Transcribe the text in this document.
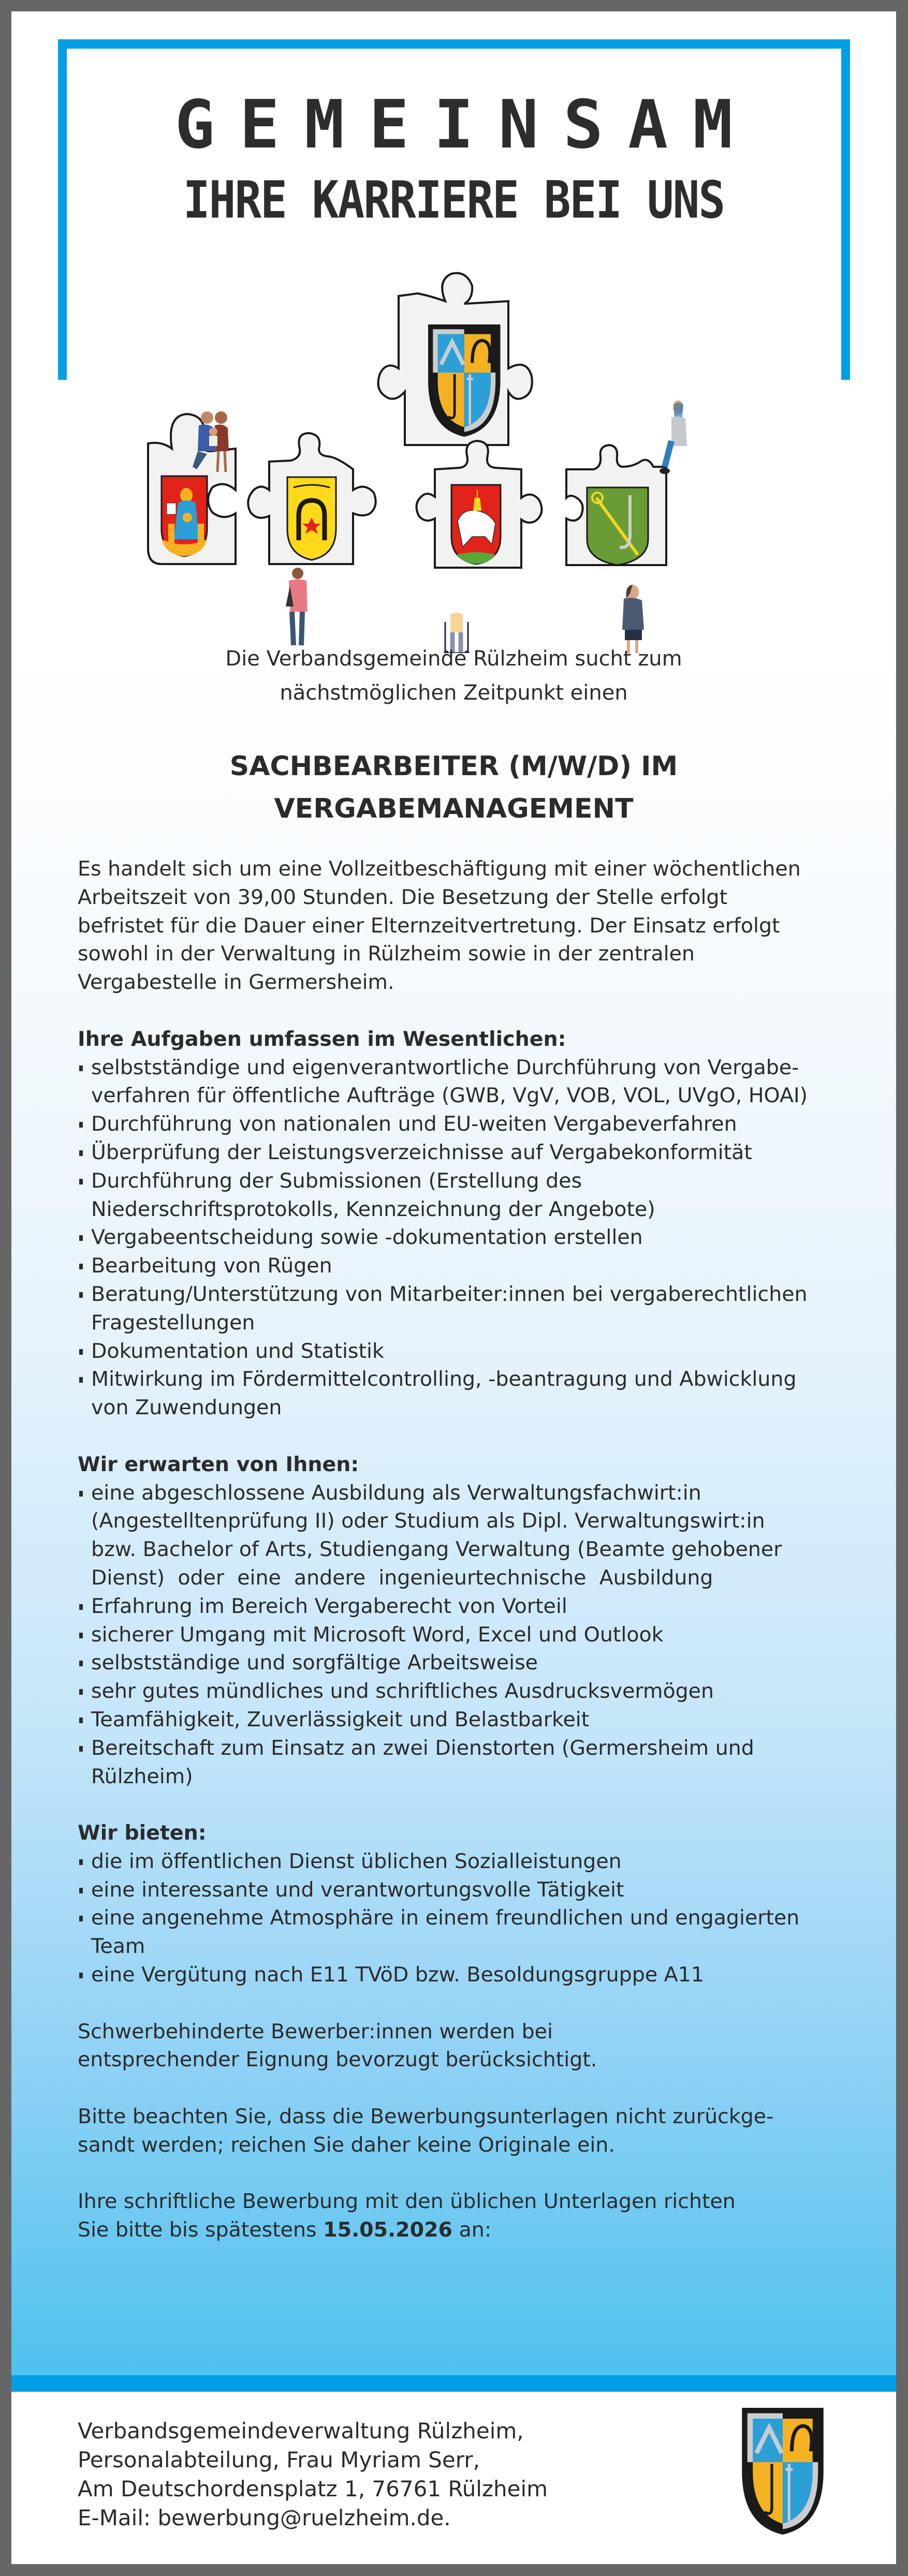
GEMEINSAM
IHRE KARRIERE BEI UNS
Die Verbandsgemeinde Rülzheim sucht zum
nächstmöglichen Zeitpunkt einen
SACHBEARBEITER (M/W/D) IM
VERGABEMANAGEMENT

Es handelt sich um eine Vollzeitbeschäftigung mit einer wöchentlichen

Arbeitszeit von 39,00 Stunden. Die Besetzung der Stelle erfolgt

befristet für die Dauer einer Elternzeitvertretung. Der Einsatz erfolgt

sowohl in der Verwaltung in Rülzheim sowie in der zentralen

Vergabestelle in Germersheim.

Ihre Aufgaben umfassen im Wesentlichen:

selbstständige und eigenverantwortliche Durchführung von Vergabe-

verfahren für öffentliche Aufträge (GWB, VgV, VOB, VOL, UVgO, HOAI)

Durchführung von nationalen und EU-weiten Vergabeverfahren

Überprüfung der Leistungsverzeichnisse auf Vergabekonformität

Durchführung der Submissionen (Erstellung des

Niederschriftsprotokolls, Kennzeichnung der Angebote)

Vergabeentscheidung sowie -dokumentation erstellen

Bearbeitung von Rügen

Beratung/Unterstützung von Mitarbeiter:innen bei vergaberechtlichen

Fragestellungen

Dokumentation und Statistik

Mitwirkung im Fördermittelcontrolling, -beantragung und Abwicklung

von Zuwendungen

Wir erwarten von Ihnen:

eine abgeschlossene Ausbildung als Verwaltungsfachwirt:in

(Angestelltenprüfung II) oder Studium als Dipl. Verwaltungswirt:in

bzw. Bachelor of Arts, Studiengang Verwaltung (Beamte gehobener

Dienst)  oder  eine  andere  ingenieurtechnische  Ausbildung

Erfahrung im Bereich Vergaberecht von Vorteil

sicherer Umgang mit Microsoft Word, Excel und Outlook

selbstständige und sorgfältige Arbeitsweise

sehr gutes mündliches und schriftliches Ausdrucksvermögen

Teamfähigkeit, Zuverlässigkeit und Belastbarkeit

Bereitschaft zum Einsatz an zwei Dienstorten (Germersheim und

Rülzheim)

Wir bieten:

die im öffentlichen Dienst üblichen Sozialleistungen

eine interessante und verantwortungsvolle Tätigkeit

eine angenehme Atmosphäre in einem freundlichen und engagierten

Team

eine Vergütung nach E11 TVöD bzw. Besoldungsgruppe A11

Schwerbehinderte Bewerber:innen werden bei

entsprechender Eignung bevorzugt berücksichtigt.

Bitte beachten Sie, dass die Bewerbungsunterlagen nicht zurückge-

sandt werden; reichen Sie daher keine Originale ein.

Ihre schriftliche Bewerbung mit den üblichen Unterlagen richten

Sie bitte bis spätestens 15.05.2026 an:

Verbandsgemeindeverwaltung Rülzheim,

Personalabteilung, Frau Myriam Serr,

Am Deutschordensplatz 1, 76761 Rülzheim

E-Mail: bewerbung@ruelzheim.de.
